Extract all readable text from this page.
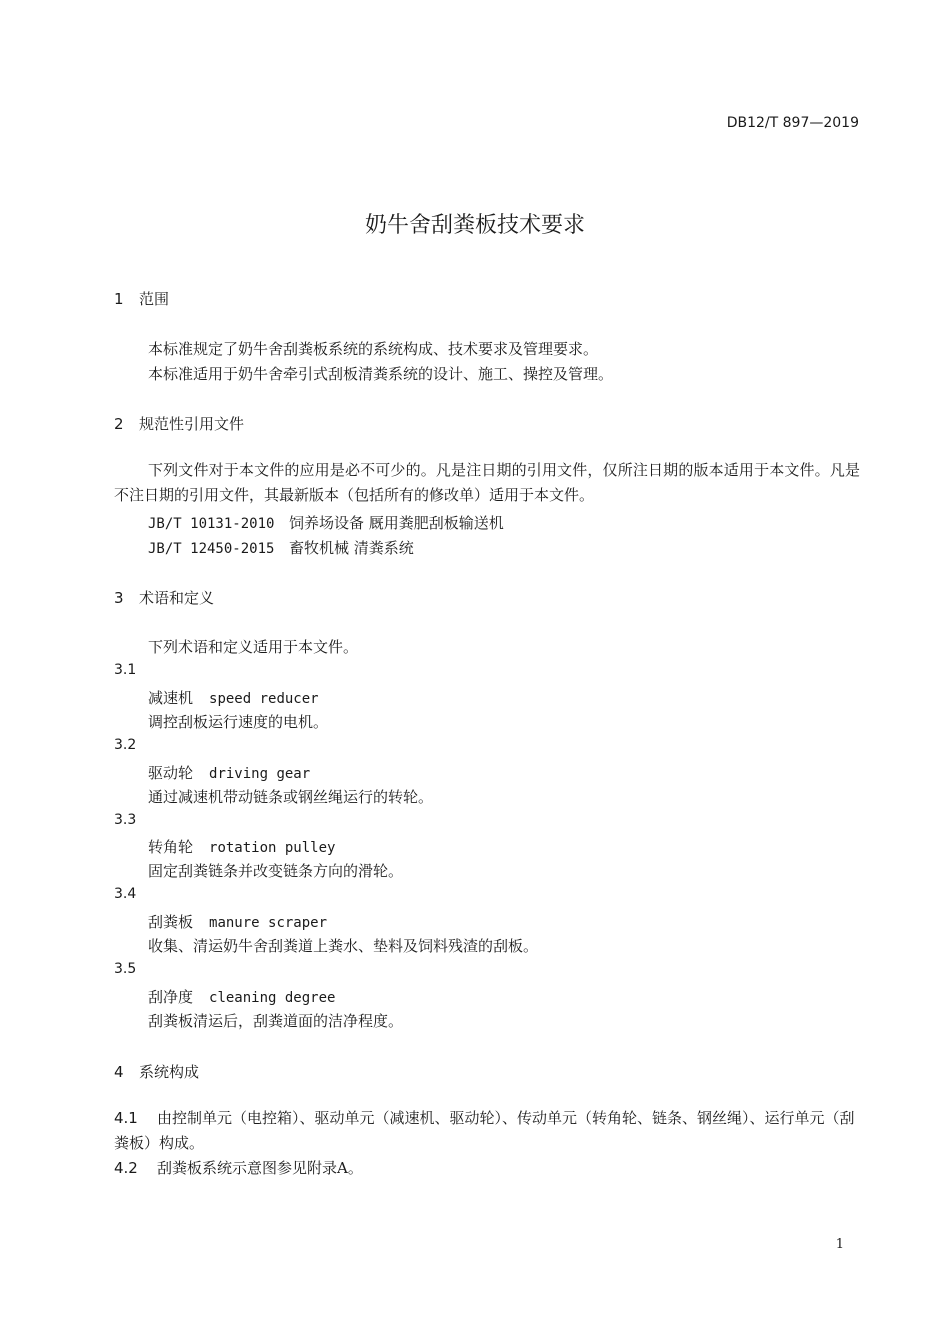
DB12/T 897—2019
奶牛舍刮粪板技术要求
1 范围
本标准规定了奶牛舍刮粪板系统的系统构成、技术要求及管理要求。
本标准适用于奶牛舍牵引式刮板清粪系统的设计、施工、操控及管理。
2 规范性引用文件
下列文件对于本文件的应用是必不可少的。凡是注日期的引用文件，仅所注日期的版本适用于本文件。凡是不注日期的引用文件，其最新版本（包括所有的修改单）适用于本文件。
JB/T 10131-2010 饲养场设备 厩用粪肥刮板输送机
JB/T 12450-2015 畜牧机械 清粪系统
3 术语和定义
下列术语和定义适用于本文件。
3.1
减速机 speed reducer
调控刮板运行速度的电机。
3.2
驱动轮 driving gear
通过减速机带动链条或钢丝绳运行的转轮。
3.3
转角轮 rotation pulley
固定刮粪链条并改变链条方向的滑轮。
3.4
刮粪板 manure scraper
收集、清运奶牛舍刮粪道上粪水、垫料及饲料残渣的刮板。
3.5
刮净度 cleaning degree
刮粪板清运后，刮粪道面的洁净程度。
4 系统构成
4.1 由控制单元（电控箱）、驱动单元（减速机、驱动轮）、传动单元（转角轮、链条、钢丝绳）、运行单元（刮粪板）构成。
4.2 刮粪板系统示意图参见附录A。
1
